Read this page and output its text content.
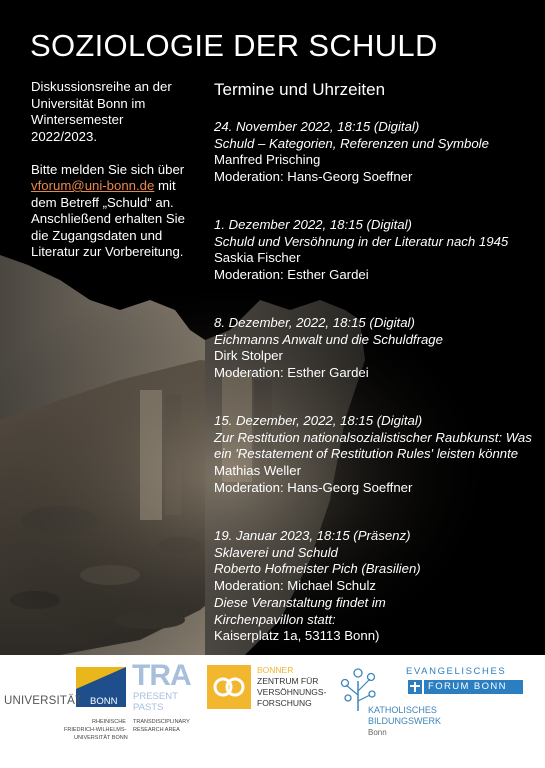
SOZIOLOGIE DER SCHULD
Diskussionsreihe an der
Universität Bonn im
Wintersemester
2022/2023.
Bitte melden Sie sich über
vforum@uni-bonn.de mit
dem Betreff „Schuld“ an.
Anschließend erhalten Sie
die Zugangsdaten und
Literatur zur Vorbereitung.
Termine und Uhrzeiten
24. November 2022, 18:15 (Digital)
Schuld – Kategorien, Referenzen und Symbole
Manfred Prisching
Moderation: Hans-Georg Soeffner
1. Dezember 2022, 18:15 (Digital)
Schuld und Versöhnung in der Literatur nach 1945
Saskia Fischer
Moderation: Esther Gardei
8. Dezember, 2022, 18:15 (Digital)
Eichmanns Anwalt und die Schuldfrage
Dirk Stolper
Moderation: Esther Gardei
15. Dezember, 2022, 18:15 (Digital)
Zur Restitution nationalsozialistischer Raubkunst: Was
ein 'Restatement of Restitution Rules' leisten könnte
Mathias Weller
Moderation: Hans-Georg Soeffner
19. Januar 2023, 18:15 (Präsenz)
Sklaverei und Schuld
Roberto Hofmeister Pich (Brasilien)
Moderation: Michael Schulz
Diese Veranstaltung findet im
Kirchenpavillon statt:
Kaiserplatz 1a, 53113 Bonn)
UNIVERSITÄT BONN
RHEINISCHE
FRIEDRICH-WILHELMS-
UNIVERSITÄT BONN
TRA
PRESENT
PASTS
TRANSDISCIPLINARY
RESEARCH AREA
BONNER
ZENTRUM FÜR
VERSÖHNUNGS-
FORSCHUNG
KATHOLISCHES
BILDUNGSWERK
Bonn
EVANGELISCHES
FORUM BONN
